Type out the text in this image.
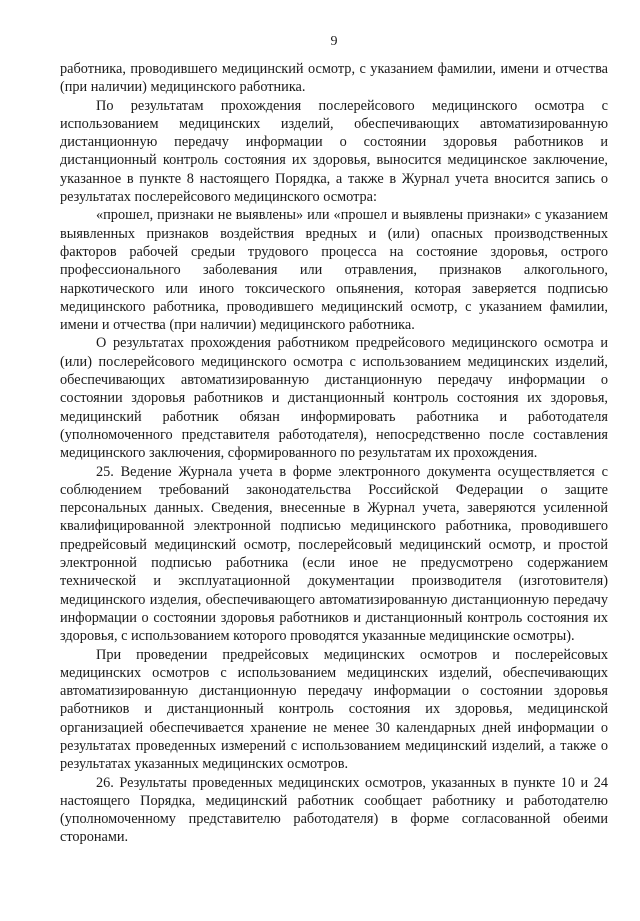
9

работника, проводившего медицинский осмотр, с указанием фамилии, имени и отчества (при наличии) медицинского работника.

По результатам прохождения послерейсового медицинского осмотра с использованием медицинских изделий, обеспечивающих автоматизированную дистанционную передачу информации о состоянии здоровья работников и дистанционный контроль состояния их здоровья, выносится медицинское заключение, указанное в пункте 8 настоящего Порядка, а также в Журнал учета вносится запись о результатах послерейсового медицинского осмотра:

«прошел, признаки не выявлены» или «прошел и выявлены признаки» с указанием выявленных признаков воздействия вредных и (или) опасных производственных факторов рабочей средыи трудового процесса на состояние здоровья, острого профессионального заболевания или отравления, признаков алкогольного, наркотического или иного токсического опьянения, которая заверяется подписью медицинского работника, проводившего медицинский осмотр, с указанием фамилии, имени и отчества (при наличии) медицинского работника.

О результатах прохождения работником предрейсового медицинского осмотра и (или) послерейсового медицинского осмотра с использованием медицинских изделий, обеспечивающих автоматизированную дистанционную передачу информации о состоянии здоровья работников и дистанционный контроль состояния их здоровья, медицинский работник обязан информировать работника и работодателя (уполномоченного представителя работодателя), непосредственно после составления медицинского заключения, сформированного по результатам их прохождения.

25. Ведение Журнала учета в форме электронного документа осуществляется с соблюдением требований законодательства Российской Федерации о защите персональных данных. Сведения, внесенные в Журнал учета, заверяются усиленной квалифицированной электронной подписью медицинского работника, проводившего предрейсовый медицинский осмотр, послерейсовый медицинский осмотр, и простой электронной подписью работника (если иное не предусмотрено содержанием технической и эксплуатационной документации производителя (изготовителя) медицинского изделия, обеспечивающего автоматизированную дистанционную передачу информации о состоянии здоровья работников и дистанционный контроль состояния их здоровья, с использованием которого проводятся указанные медицинские осмотры).

При проведении предрейсовых медицинских осмотров и послерейсовых медицинских осмотров с использованием медицинских изделий, обеспечивающих автоматизированную дистанционную передачу информации о состоянии здоровья работников и дистанционный контроль состояния их здоровья, медицинской организацией обеспечивается хранение не менее 30 календарных дней информации о результатах проведенных измерений с использованием медицинский изделий, а также о результатах указанных медицинских осмотров.

26. Результаты проведенных медицинских осмотров, указанных в пункте 10 и 24 настоящего Порядка, медицинский работник сообщает работнику и работодателю (уполномоченному представителю работодателя) в форме согласованной обеими сторонами.
